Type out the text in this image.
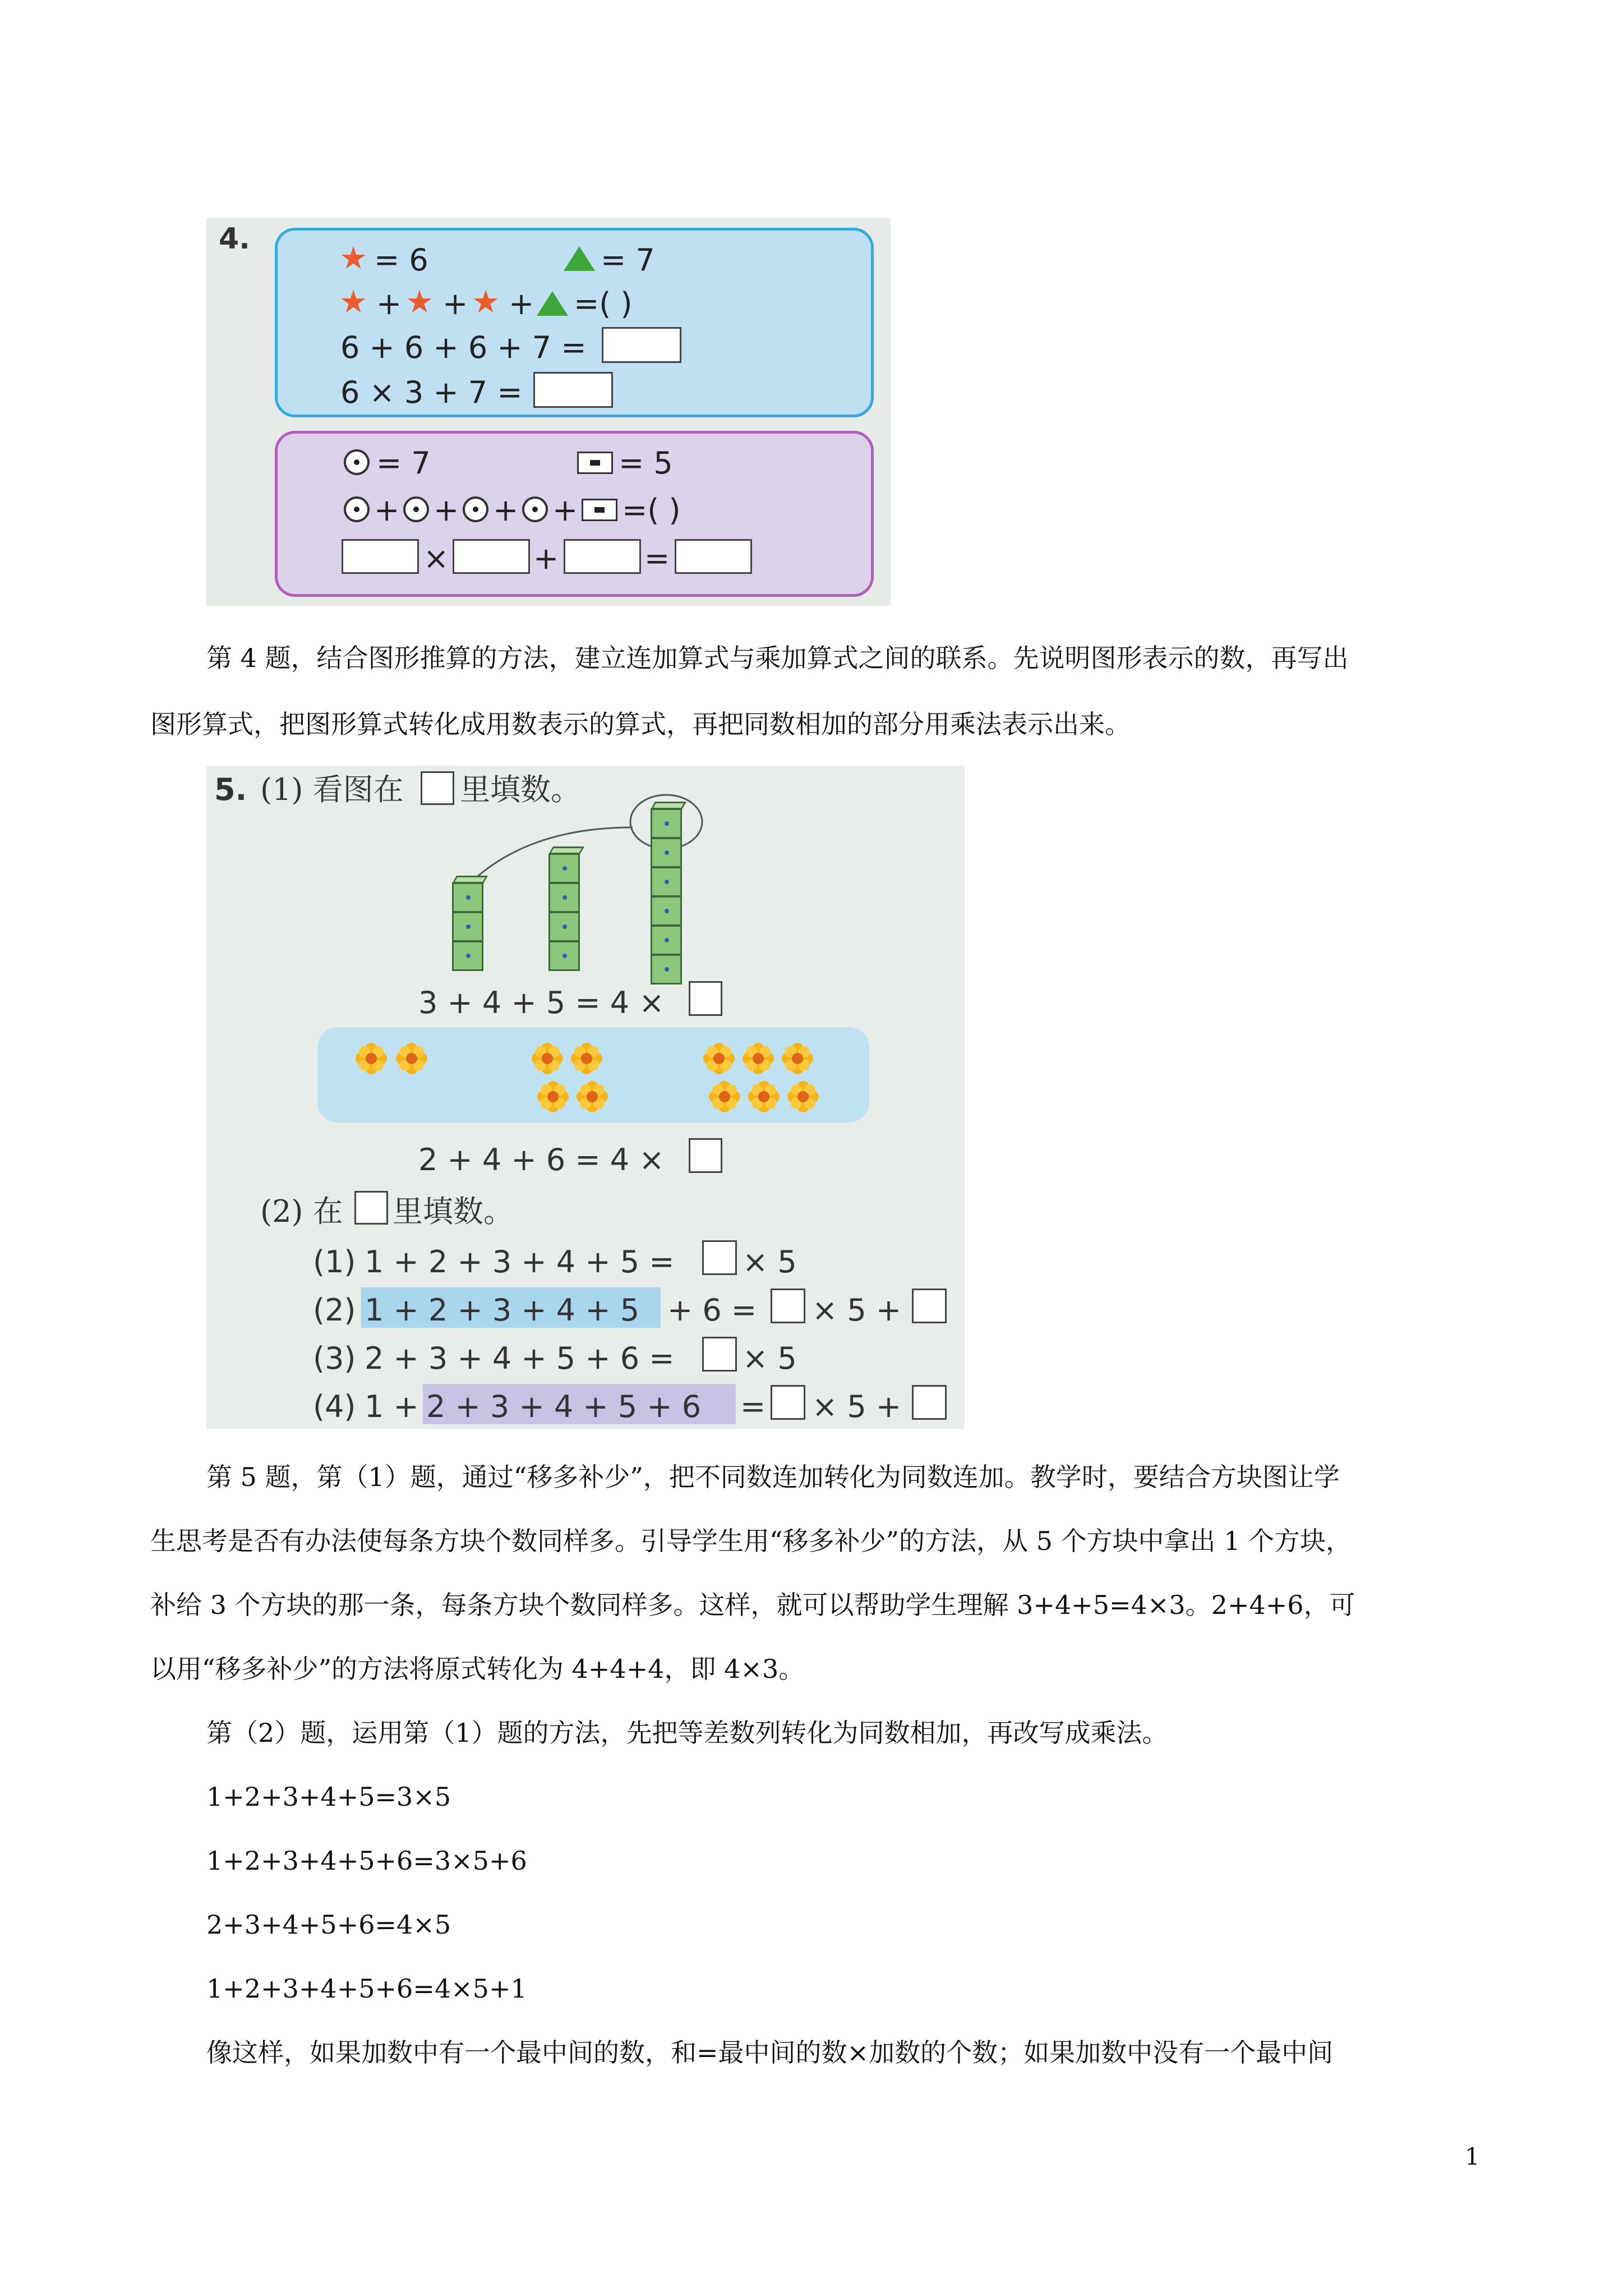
4.
★ = 6	= 7
★ + ★ + ★ + =( )
6 + 6 + 6 + 7 =
6 × 3 + 7 =
= 7	= 5
+ + + + =( )
×	+	=
第 4 题，结合图形推算的方法，建立连加算式与乘加算式之间的联系。先说明图形表示的数，再写出
图形算式，把图形算式转化成用数表示的算式，再把同数相加的部分用乘法表示出来。
5. (1) 看图在 里填数。
3 + 4 + 5 = 4 ×
2 + 4 + 6 = 4 ×
(2) 在 里填数。
(1) 1 + 2 + 3 + 4 + 5 = × 5
(2) 1 + 2 + 3 + 4 + 5 + 6 = × 5 +
(3) 2 + 3 + 4 + 5 + 6 = × 5
(4) 1 + 2 + 3 + 4 + 5 + 6 = × 5 +
第 5 题，第（1）题，通过“移多补少”，把不同数连加转化为同数连加。教学时，要结合方块图让学
生思考是否有办法使每条方块个数同样多。引导学生用“移多补少”的方法，从 5 个方块中拿出 1 个方块，
补给 3 个方块的那一条，每条方块个数同样多。这样，就可以帮助学生理解 3+4+5=4×3。2+4+6，可
以用“移多补少”的方法将原式转化为 4+4+4，即 4×3。
第（2）题，运用第（1）题的方法，先把等差数列转化为同数相加，再改写成乘法。
1+2+3+4+5=3×5
1+2+3+4+5+6=3×5+6
2+3+4+5+6=4×5
1+2+3+4+5+6=4×5+1
像这样，如果加数中有一个最中间的数，和=最中间的数×加数的个数；如果加数中没有一个最中间
1
